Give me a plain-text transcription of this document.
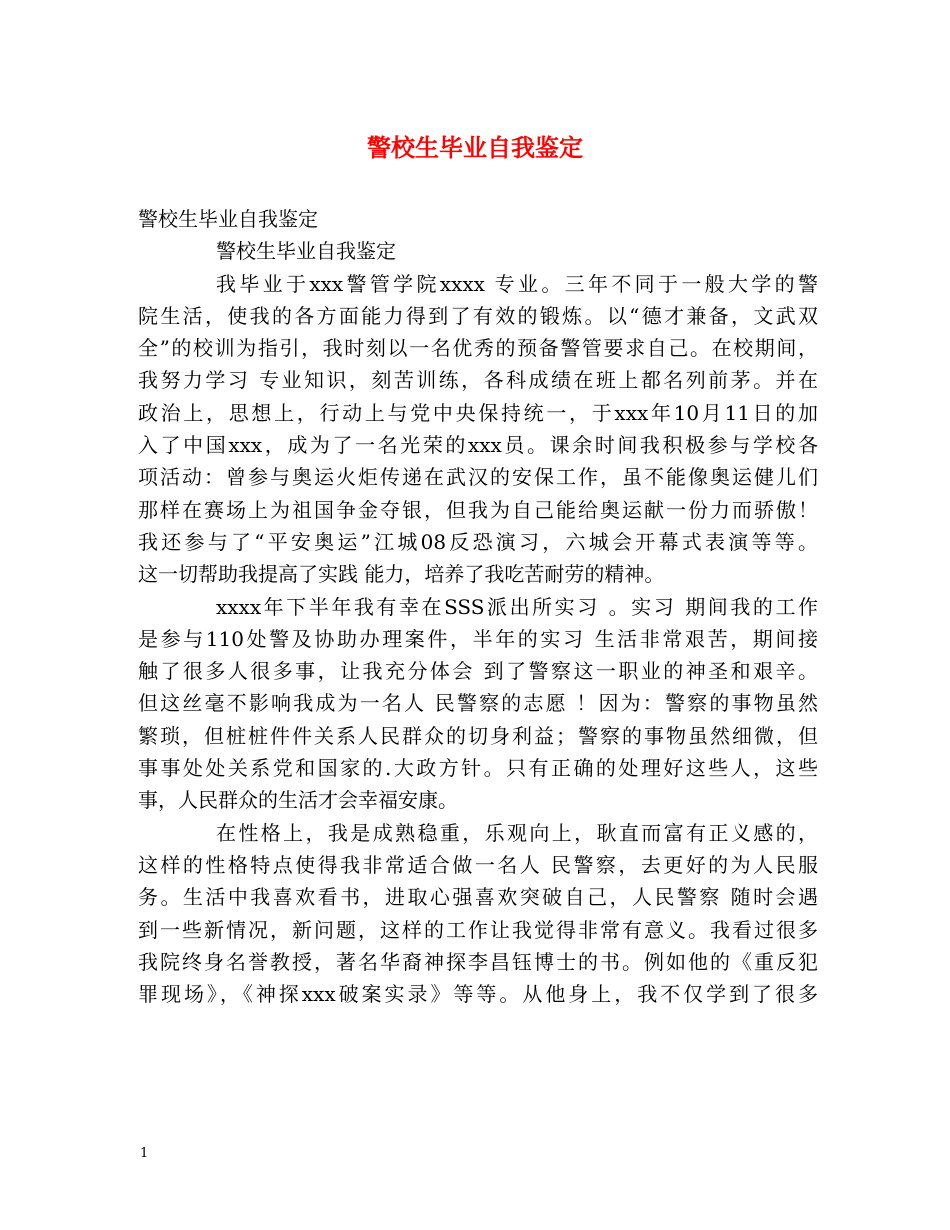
警校生毕业自我鉴定
警校生毕业自我鉴定
警校生毕业自我鉴定
我毕业于xxx警管学院xxxx 专业。三年不同于一般大学的警
院生活，使我的各方面能力得到了有效的锻炼。以“德才兼备，文武双
全”的校训为指引，我时刻以一名优秀的预备警管要求自己。在校期间，
我努力学习 专业知识，刻苦训练，各科成绩在班上都名列前茅。并在
政治上，思想上，行动上与党中央保持统一，于xxx年10月11日的加
入了中国xxx，成为了一名光荣的xxx员。课余时间我积极参与学校各
项活动：曾参与奥运火炬传递在武汉的安保工作，虽不能像奥运健儿们
那样在赛场上为祖国争金夺银，但我为自己能给奥运献一份力而骄傲！
我还参与了“平安奥运”江城08反恐演习，六城会开幕式表演等等。
这一切帮助我提高了实践 能力，培养了我吃苦耐劳的精神。
xxxx年下半年我有幸在SSS派出所实习 。实习 期间我的工作
是参与110处警及协助办理案件，半年的实习 生活非常艰苦，期间接
触了很多人很多事，让我充分体会 到了警察这一职业的神圣和艰辛。
但这丝毫不影响我成为一名人 民警察的志愿 ！因为：警察的事物虽然
繁琐，但桩桩件件关系人民群众的切身利益；警察的事物虽然细微，但
事事处处关系党和国家的.大政方针。只有正确的处理好这些人，这些
事，人民群众的生活才会幸福安康。
在性格上，我是成熟稳重，乐观向上，耿直而富有正义感的，
这样的性格特点使得我非常适合做一名人 民警察，去更好的为人民服
务。生活中我喜欢看书，进取心强喜欢突破自己，人民警察 随时会遇
到一些新情况，新问题，这样的工作让我觉得非常有意义。我看过很多
我院终身名誉教授，著名华裔神探李昌钰博士的书。例如他的《重反犯
罪现场》，《神探xxx破案实录》等等。从他身上，我不仅学到了很多
1
